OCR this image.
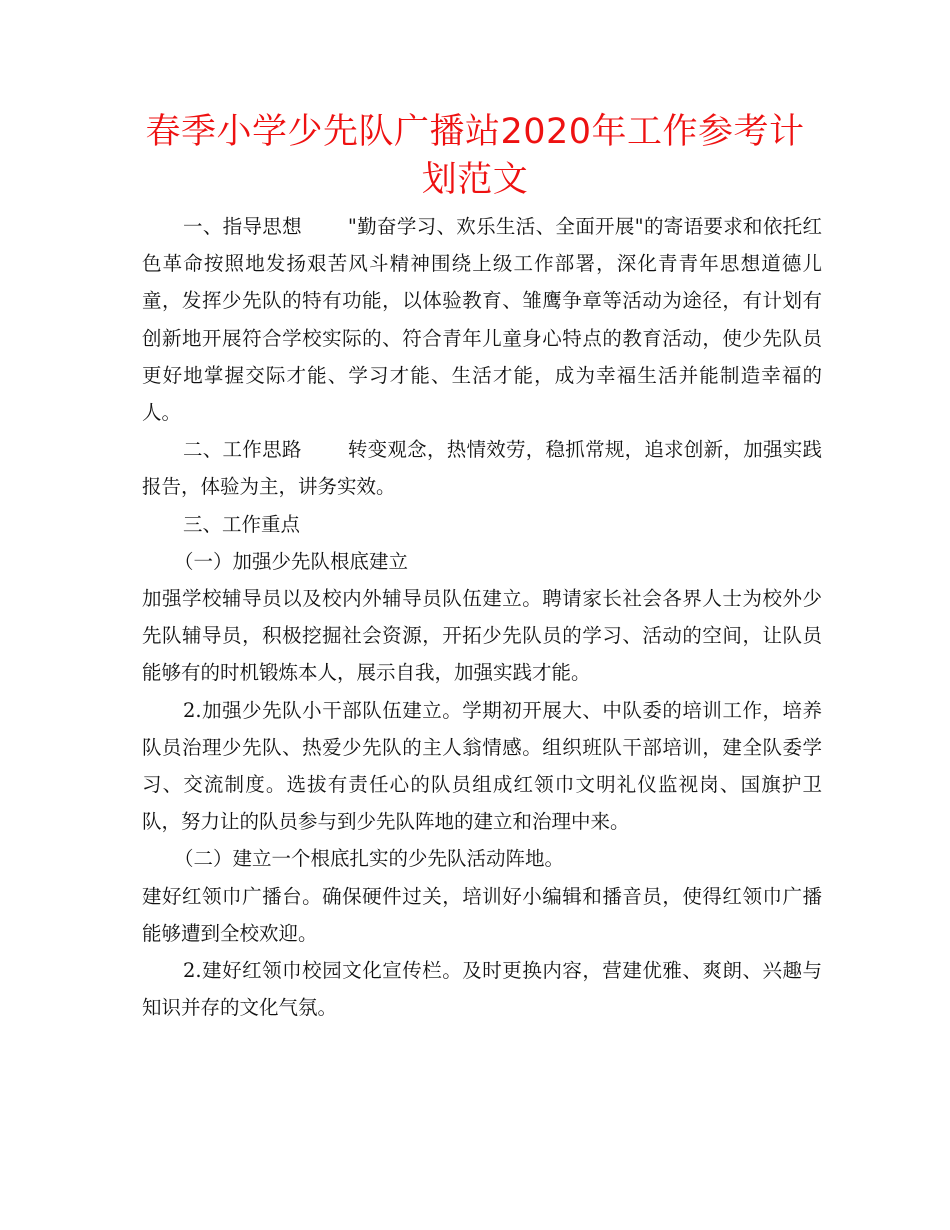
春季小学少先队广播站2020年工作参考计划范文

一、指导思想 "勤奋学习、欢乐生活、全面开展"的寄语要求和依托红色革命按照地发扬艰苦风斗精神围绕上级工作部署，深化青青年思想道德儿童，发挥少先队的特有功能，以体验教育、雏鹰争章等活动为途径，有计划有创新地开展符合学校实际的、符合青年儿童身心特点的教育活动，使少先队员更好地掌握交际才能、学习才能、生活才能，成为幸福生活并能制造幸福的人。

二、工作思路 转变观念，热情效劳，稳抓常规，追求创新，加强实践报告，体验为主，讲务实效。

三、工作重点

（一）加强少先队根底建立

加强学校辅导员以及校内外辅导员队伍建立。聘请家长社会各界人士为校外少先队辅导员，积极挖掘社会资源，开拓少先队员的学习、活动的空间，让队员能够有的时机锻炼本人，展示自我，加强实践才能。

2.加强少先队小干部队伍建立。学期初开展大、中队委的培训工作，培养队员治理少先队、热爱少先队的主人翁情感。组织班队干部培训，建全队委学习、交流制度。选拔有责任心的队员组成红领巾文明礼仪监视岗、国旗护卫队，努力让的队员参与到少先队阵地的建立和治理中来。

（二）建立一个根底扎实的少先队活动阵地。

建好红领巾广播台。确保硬件过关，培训好小编辑和播音员，使得红领巾广播能够遭到全校欢迎。

2.建好红领巾校园文化宣传栏。及时更换内容，营建优雅、爽朗、兴趣与知识并存的文化气氛。
